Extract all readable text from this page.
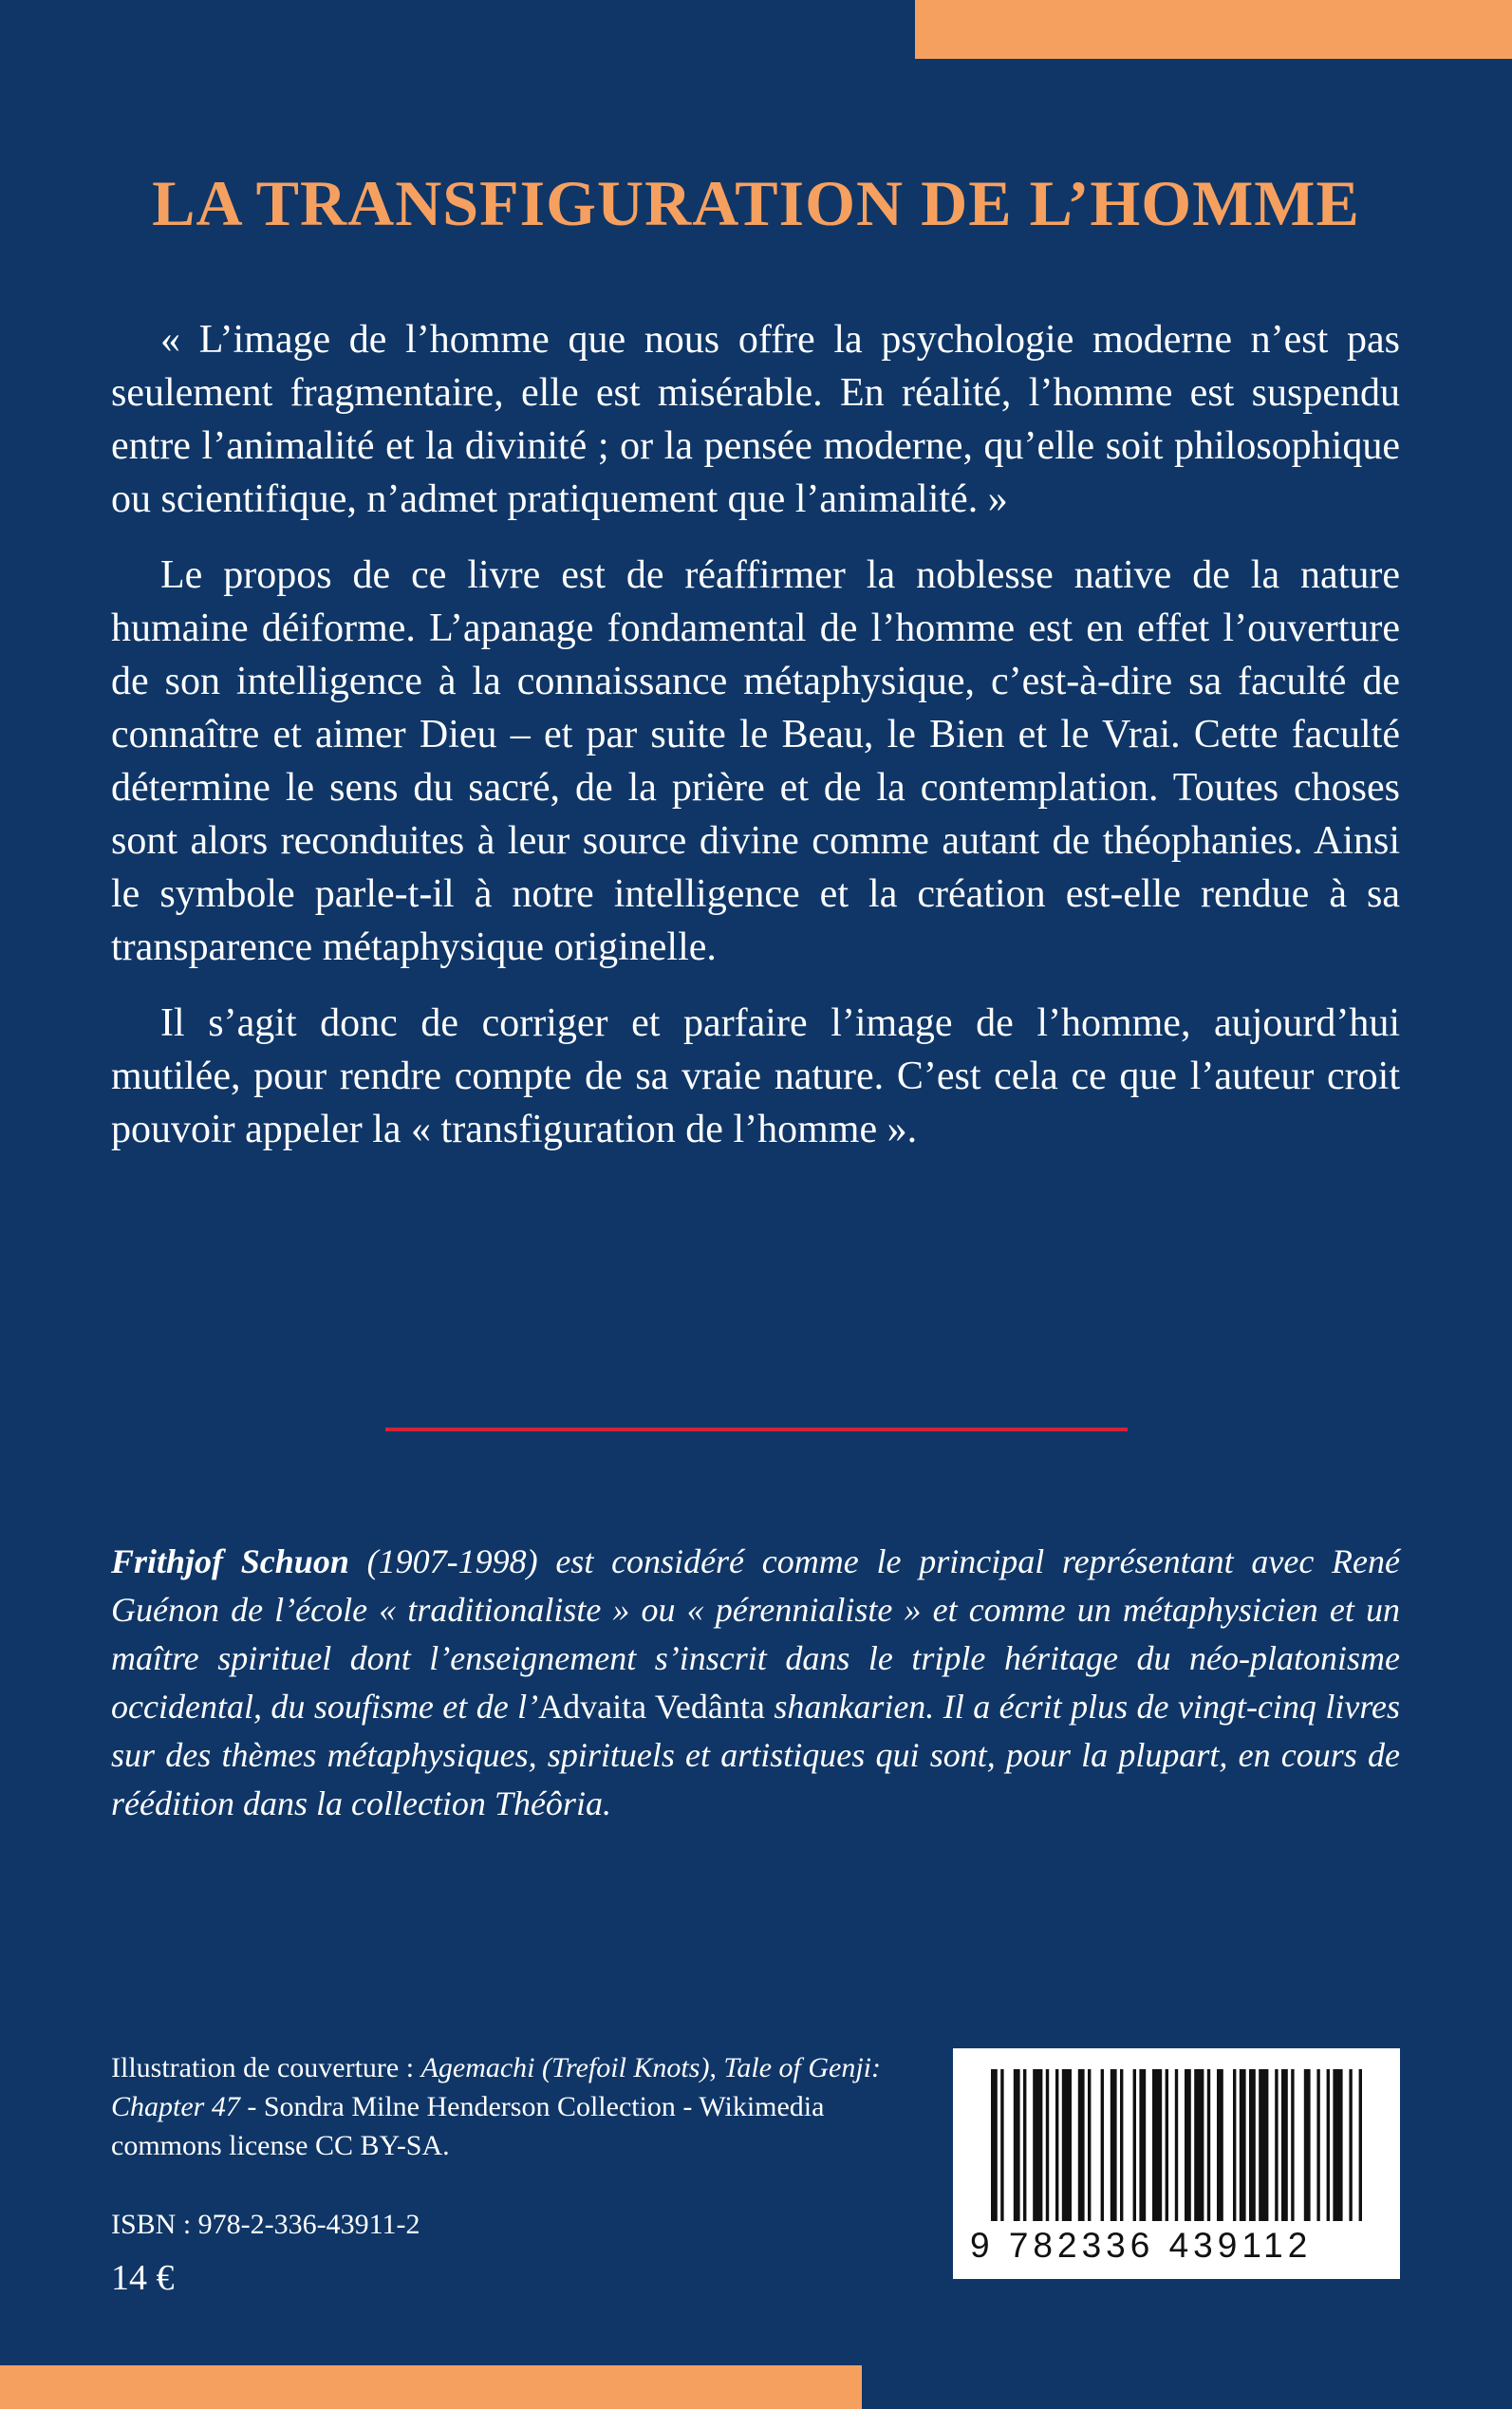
LA TRANSFIGURATION DE L’HOMME

« L’image de l’homme que nous offre la psychologie moderne n’est pas seulement fragmentaire, elle est misérable. En réalité, l’homme est suspendu entre l’animalité et la divinité ; or la pensée moderne, qu’elle soit philosophique ou scientifique, n’admet pratiquement que l’animalité. »

Le propos de ce livre est de réaffirmer la noblesse native de la nature humaine déiforme. L’apanage fondamental de l’homme est en effet l’ouverture de son intelligence à la connaissance métaphysique, c’est-à-dire sa faculté de connaître et aimer Dieu – et par suite le Beau, le Bien et le Vrai. Cette faculté détermine le sens du sacré, de la prière et de la contemplation. Toutes choses sont alors reconduites à leur source divine comme autant de théophanies. Ainsi le symbole parle-t-il à notre intelligence et la création est-elle rendue à sa transparence métaphysique originelle.

Il s’agit donc de corriger et parfaire l’image de l’homme, aujourd’hui mutilée, pour rendre compte de sa vraie nature. C’est cela ce que l’auteur croit pouvoir appeler la « transfiguration de l’homme ».

Frithjof Schuon (1907-1998) est considéré comme le principal représentant avec René Guénon de l’école « traditionaliste » ou « pérennialiste » et comme un métaphysicien et un maître spirituel dont l’enseignement s’inscrit dans le triple héritage du néo-platonisme occidental, du soufisme et de l’Advaita Vedânta shankarien. Il a écrit plus de vingt-cinq livres sur des thèmes métaphysiques, spirituels et artistiques qui sont, pour la plupart, en cours de réédition dans la collection Théôria.
Illustration de couverture : Agemachi (Trefoil Knots), Tale of Genji: Chapter 47 - Sondra Milne Henderson Collection - Wikimedia commons license CC BY-SA.
ISBN : 978-2-336-43911-2
14 €
9 782336 439112
